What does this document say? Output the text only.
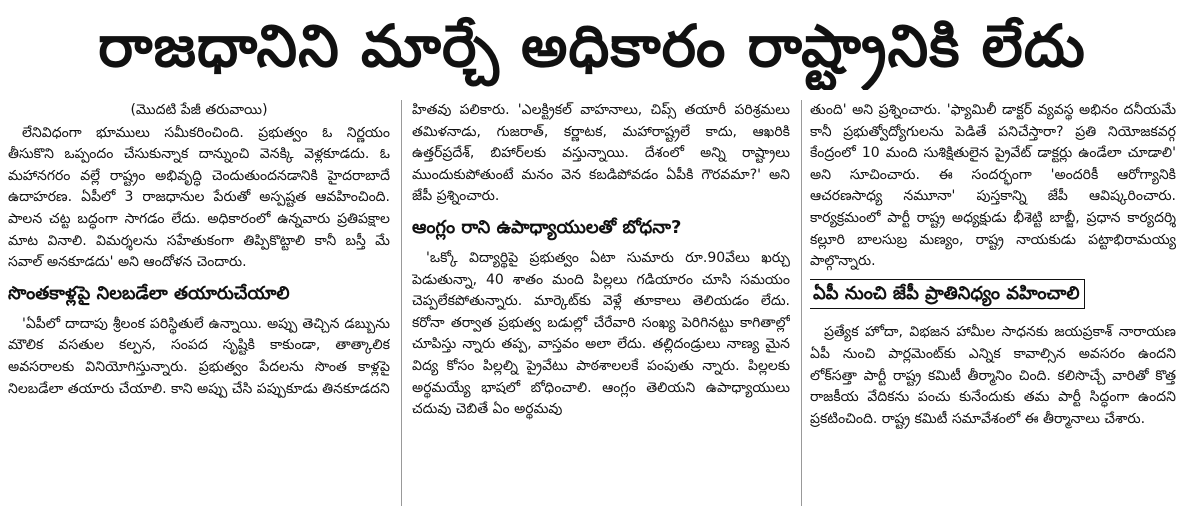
రాజధానిని మార్చే అధికారం రాష్ట్రానికి లేదు
(మొదటి పేజీ తరువాయి)

లేనివిధంగా భూములు సమీకరించింది. ప్రభుత్వం ఓ నిర్ణయం తీసుకొని ఒప్పందం చేసుకున్నాక దాన్నుంచి వెనక్కి వెళ్లకూడదు. ఓ మహానగరం వల్లే రాష్ట్రం అభివృద్ధి చెందుతుందనడానికి హైదరాబాదే ఉదాహరణ. ఏపీలో 3 రాజధానుల పేరుతో అస్పష్టత ఆవహించింది. పాలన చట్ట బద్ధంగా సాగడం లేదు. అధికారంలో ఉన్నవారు ప్రతిపక్షాల మాట వినాలి. విమర్శలను సహేతుకంగా తిప్పికొట్టాలి కానీ బస్తీ మే సవాల్ అనకూడదు' అని ఆందోళన చెందారు.

సొంతకాళ్లపై నిలబడేలా తయారుచేయాలి

'ఏపీలో దాదాపు శ్రీలంక పరిస్థితులే ఉన్నాయి. అప్పు తెచ్చిన డబ్బును మౌలిక వసతుల కల్పన, సంపద సృష్టికి కాకుండా, తాత్కాలిక అవసరాలకు వినియోగిస్తున్నారు. ప్రభుత్వం పేదలను సొంత కాళ్లపై నిలబడేలా తయారు చేయాలి. కాని అప్పు చేసి పప్పుకూడు తినకూడదని

హితవు పలికారు. 'ఎలక్ట్రికల్ వాహనాలు, చిప్స్ తయారీ పరిశ్రమలు తమిళనాడు, గుజరాత్, కర్ణాటక, మహారాష్ట్రలే కాదు, ఆఖరికి ఉత్తర్‌ప్రదేశ్, బిహార్‌లకు వస్తున్నాయి. దేశంలో అన్ని రాష్ట్రాలు ముందుకుపోతుంటే మనం వెన కబడిపోవడం ఏపీకి గౌరవమా?' అని జేపీ ప్రశ్నించారు.

ఆంగ్లం రాని ఉపాధ్యాయులతో బోధనా?

'ఒక్కో విద్యార్థిపై ప్రభుత్వం ఏటా సుమారు రూ.90వేలు ఖర్చు పెడుతున్నా, 40 శాతం మంది పిల్లలు గడియారం చూసి సమయం చెప్పలేకపోతున్నారు. మార్కెట్‌కు వెళ్లే తూకాలు తెలియడం లేదు. కరోనా తర్వాత ప్రభుత్వ బడుల్లో చేరేవారి సంఖ్య పెరిగినట్టు కాగితాల్లో చూపిస్తు న్నారు తప్ప, వాస్తవం అలా లేదు. తల్లిదండ్రులు నాణ్య మైన విద్య కోసం పిల్లల్ని ప్రైవేటు పాఠశాలలకే పంపుతు న్నారు. పిల్లలకు అర్థమయ్యే భాషలో బోధించాలి. ఆంగ్లం తెలియని ఉపాధ్యాయులు చదువు చెబితే ఏం అర్థమవు

తుంది' అని ప్రశ్నించారు. 'ఫ్యామిలీ డాక్టర్ వ్యవస్థ అభినం దనీయమే కానీ ప్రభుత్వోద్యోగులను పెడితే పనిచేస్తారా? ప్రతి నియోజకవర్గ కేంద్రంలో 10 మంది సుశిక్షితులైన ప్రైవేట్ డాక్టర్లు ఉండేలా చూడాలి' అని సూచించారు. ఈ సందర్భంగా 'అందరికీ ఆరోగ్యానికి ఆచరణసాధ్య నమూనా' పుస్తకాన్ని జేపీ ఆవిష్కరించారు. కార్యక్రమంలో పార్టీ రాష్ట్ర అధ్యక్షుడు భీశెట్టి బాబ్జీ, ప్రధాన కార్యదర్శి కల్లూరి బాలసుబ్ర మణ్యం, రాష్ట్ర నాయకుడు పట్టాభిరామయ్య పాల్గొన్నారు.

ఏపీ నుంచి జేపీ ప్రాతినిధ్యం వహించాలి

ప్రత్యేక హోదా, విభజన హామీల సాధనకు జయప్రకాశ్ నారాయణ ఏపీ నుంచి పార్లమెంట్‌కు ఎన్నిక కావాల్సిన అవసరం ఉందని లోక్‌సత్తా పార్టీ రాష్ట్ర కమిటీ తీర్మానిం చింది. కలిసొచ్చే వారితో కొత్త రాజకీయ వేదికను పంచు కునేందుకు తమ పార్టీ సిద్ధంగా ఉందని ప్రకటించింది. రాష్ట్ర కమిటీ సమావేశంలో ఈ తీర్మానాలు చేశారు.
